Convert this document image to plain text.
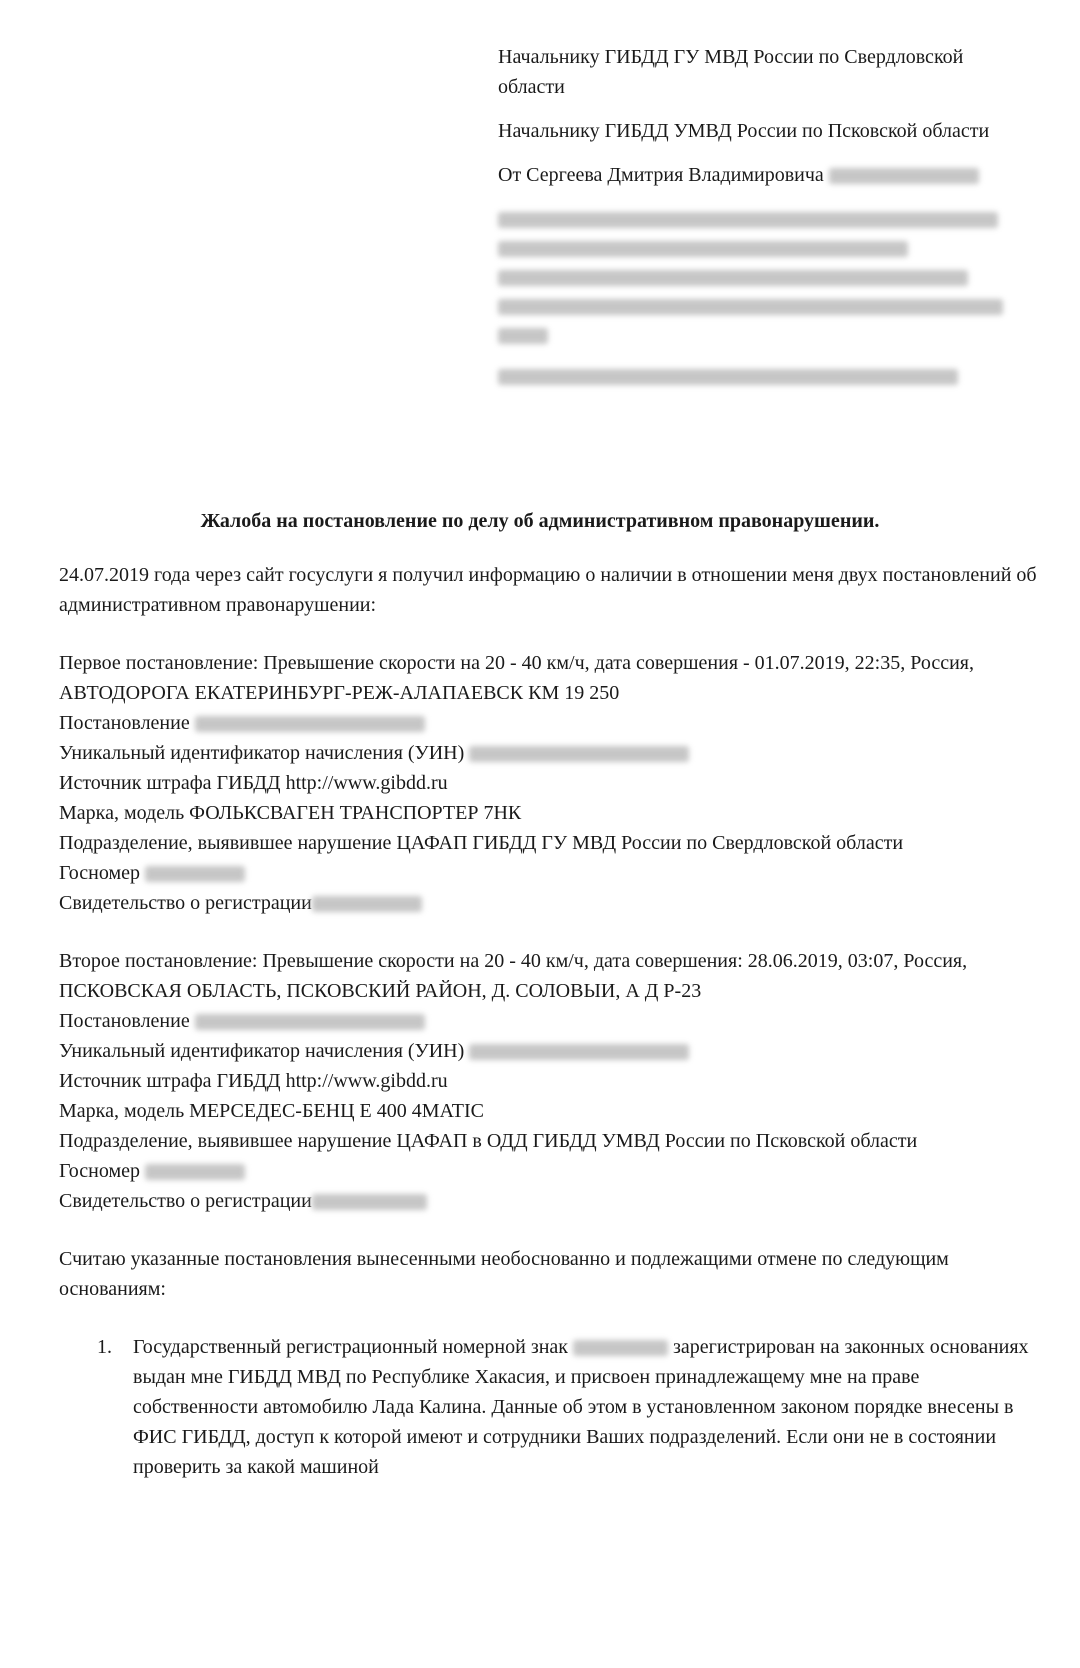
Начальнику ГИБДД ГУ МВД России по Свердловской области

Начальнику ГИБДД УМВД России по Псковской области

От Сергеева Дмитрия Владимировича

Жалоба на постановление по делу об административном правонарушении.

24.07.2019 года через сайт госуслуги я получил информацию о наличии в отношении меня двух постановлений об административном правонарушении:

Первое постановление: Превышение скорости на 20 - 40 км/ч, дата совершения - 01.07.2019, 22:35, Россия, АВТОДОРОГА ЕКАТЕРИНБУРГ-РЕЖ-АЛАПАЕВСК КМ 19 250

Постановление

Уникальный идентификатор начисления (УИН)

Источник штрафа ГИБДД http://www.gibdd.ru

Марка, модель ФОЛЬКСВАГЕН ТРАНСПОРТЕР 7НК

Подразделение, выявившее нарушение ЦАФАП ГИБДД ГУ МВД России по Свердловской области

Госномер

Свидетельство о регистрации

Второе постановление: Превышение скорости на 20 - 40 км/ч, дата совершения: 28.06.2019, 03:07, Россия, ПСКОВСКАЯ ОБЛАСТЬ, ПСКОВСКИЙ РАЙОН, Д. СОЛОВЫИ, А Д Р-23

Постановление

Уникальный идентификатор начисления (УИН)

Источник штрафа ГИБДД http://www.gibdd.ru

Марка, модель МЕРСЕДЕС-БЕНЦ Е 400 4MATIC

Подразделение, выявившее нарушение ЦАФАП в ОДД ГИБДД УМВД России по Псковской области

Госномер

Свидетельство о регистрации

Считаю указанные постановления вынесенными необоснованно и подлежащими отмене по следующим основаниям:

1. Государственный регистрационный номерной знак	зарегистрирован на законных основаниях выдан мне ГИБДД МВД по Республике Хакасия, и присвоен принадлежащему мне на праве собственности автомобилю Лада Калина. Данные об этом в установленном законом порядке внесены в ФИС ГИБДД, доступ к которой имеют и сотрудники Ваших подразделений. Если они не в состоянии проверить за какой машиной
